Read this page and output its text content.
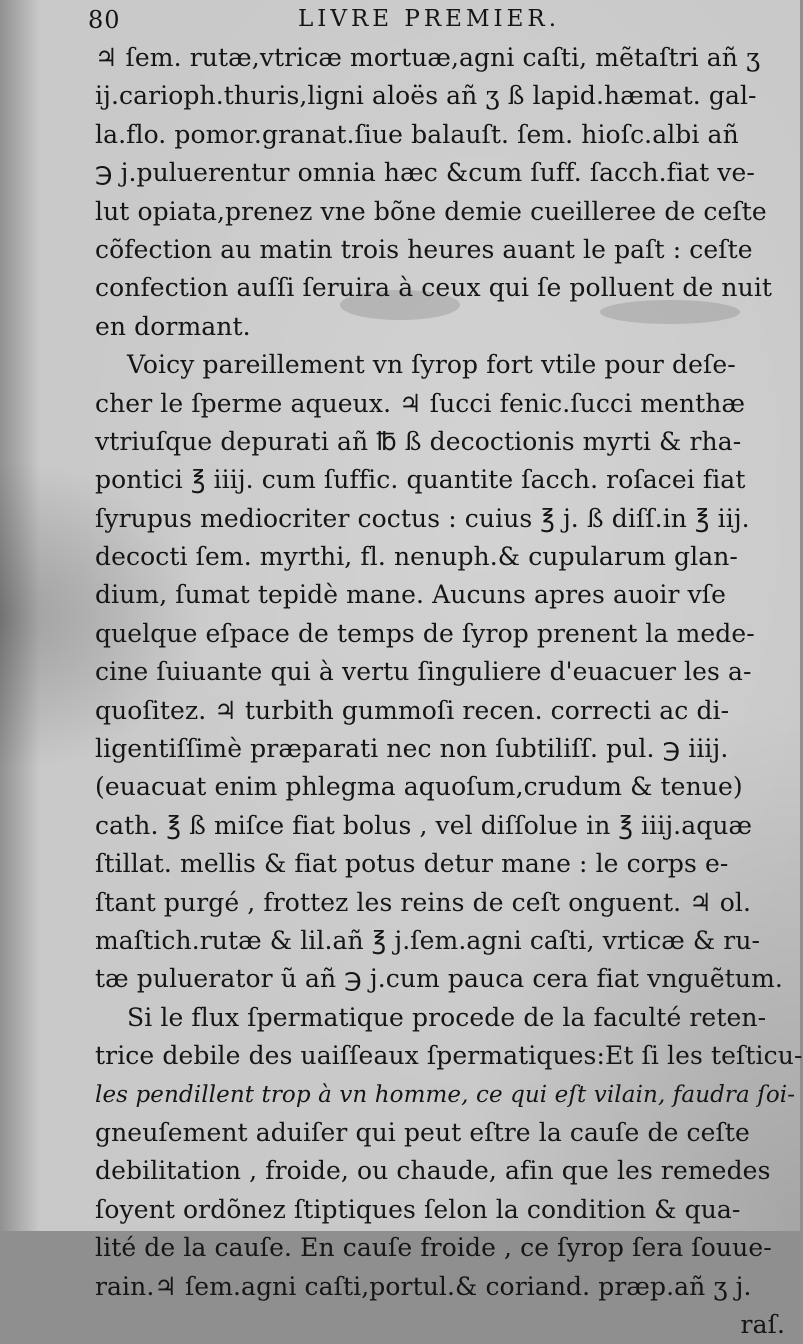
80	LIVRE PREMIER.
♃ ſem. rutæ,vtricæ mortuæ,agni caſti, mẽtaſtri añ ʒ
ij.carioph.thuris,ligni aloës añ ʒ ß lapid.hæmat. gal-
la.flo. pomor.granat.ſiue balauſt. ſem. hioſc.albi añ
℈ j.puluerentur omnia hæc &cum ſuff. ſacch.fiat ve-
lut opiata,prenez vne bõne demie cueilleree de ceſte
cõfection au matin trois heures auant le paſt : ceſte
confection auſſi ſeruira à ceux qui ſe polluent de nuit
en dormant.
Voicy pareillement vn ſyrop fort vtile pour deſe-
cher le ſperme aqueux. ♃ ſucci fenic.ſucci menthæ
vtriuſque depurati añ ℔ ß decoctionis myrti & rha-
pontici ℥ iiij. cum ſuffic. quantite ſacch. roſacei fiat
ſyrupus mediocriter coctus : cuius ℥ j. ß diſſ.in ℥ iij.
decocti ſem. myrthi, fl. nenuph.& cupularum glan-
dium, ſumat tepidè mane. Aucuns apres auoir vſe
quelque eſpace de temps de ſyrop prenent la mede-
cine ſuiuante qui à vertu ſinguliere d'euacuer les a-
quoſitez. ♃ turbith gummoſi recen. correcti ac di-
ligentiſſimè præparati nec non ſubtiliſſ. pul. ℈ iiij.
(euacuat enim phlegma aquoſum,crudum & tenue)
cath. ℥ ß miſce fiat bolus , vel diſſolue in ℥ iiij.aquæ
ſtillat. mellis & fiat potus detur mane : le corps e-
ſtant purgé , frottez les reins de ceſt onguent. ♃ ol.
maſtich.rutæ & lil.añ ℥ j.ſem.agni caſti, vrticæ & ru-
tæ puluerator ũ añ ℈ j.cum pauca cera fiat vnguẽtum.
Si le flux ſpermatique procede de la faculté reten-
trice debile des uaiſſeaux ſpermatiques:Et ſi les teſticu-
les pendillent trop à vn homme, ce qui eſt vilain, faudra ſoi-
gneuſement aduiſer qui peut eſtre la cauſe de ceſte
debilitation , froide, ou chaude, afin que les remedes
ſoyent ordõnez ſtiptiques ſelon la condition & qua-
lité de la cauſe. En cauſe froide , ce ſyrop ſera ſouue-
rain.♃ ſem.agni caſti,portul.& coriand. præp.añ ʒ j.
raſ.
